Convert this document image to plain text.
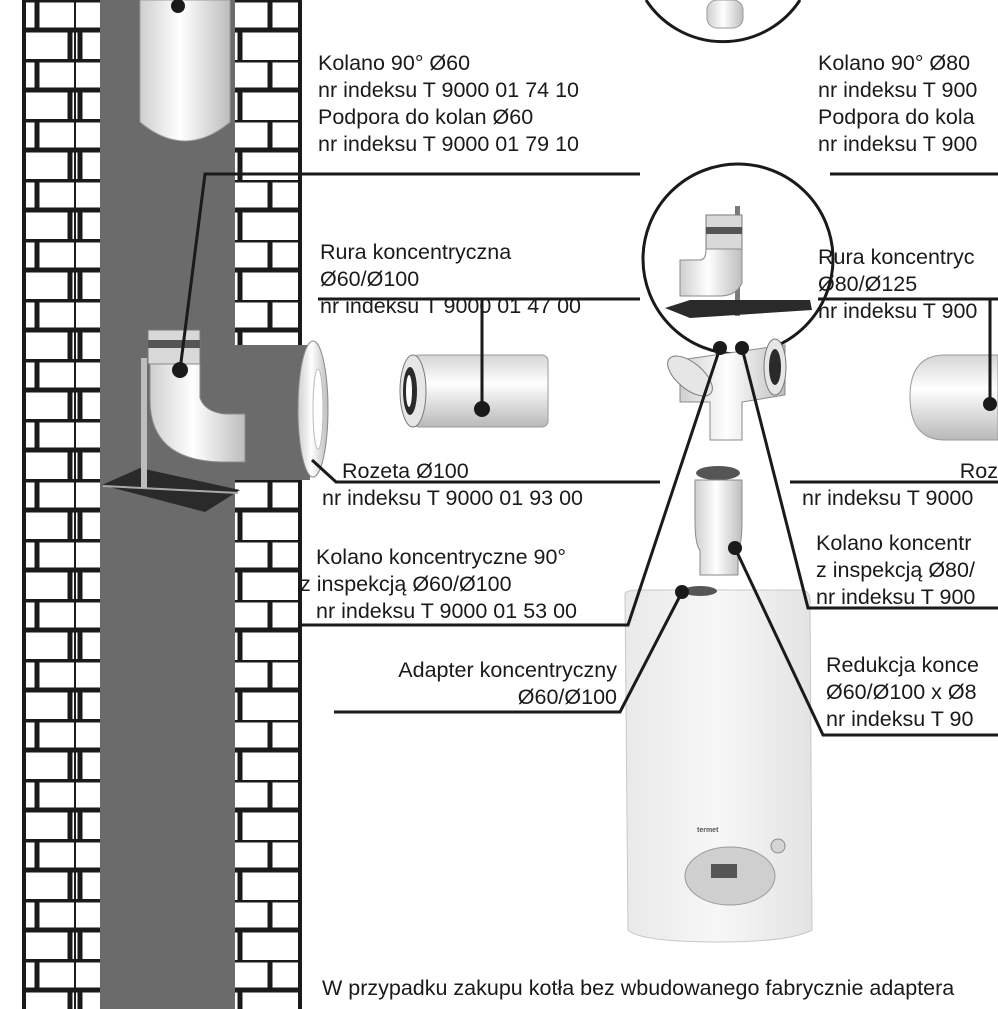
termet
Kolano 90° Ø60
nr indeksu T 9000 01 74 10
Podpora do kolan Ø60
nr indeksu T 9000 01 79 10
Kolano 90° Ø80
nr indeksu T 900
Podpora do kola
nr indeksu T 900
Rura koncentryczna
Ø60/Ø100
nr indeksu T 9000 01 47 00
Rura koncentryc
Ø80/Ø125
nr indeksu T 900
Rozeta Ø100
nr indeksu T 9000 01 93 00
Roz
nr indeksu T 9000
Kolano koncentryczne 90°
z inspekcją Ø60/Ø100
nr indeksu T 9000 01 53 00
Kolano koncentr
z inspekcją Ø80/
nr indeksu T 900
Adapter koncentryczny
Ø60/Ø100
Redukcja konce
Ø60/Ø100 x Ø8
nr indeksu T 90
W przypadku zakupu kotła bez wbudowanego fabrycznie adaptera
